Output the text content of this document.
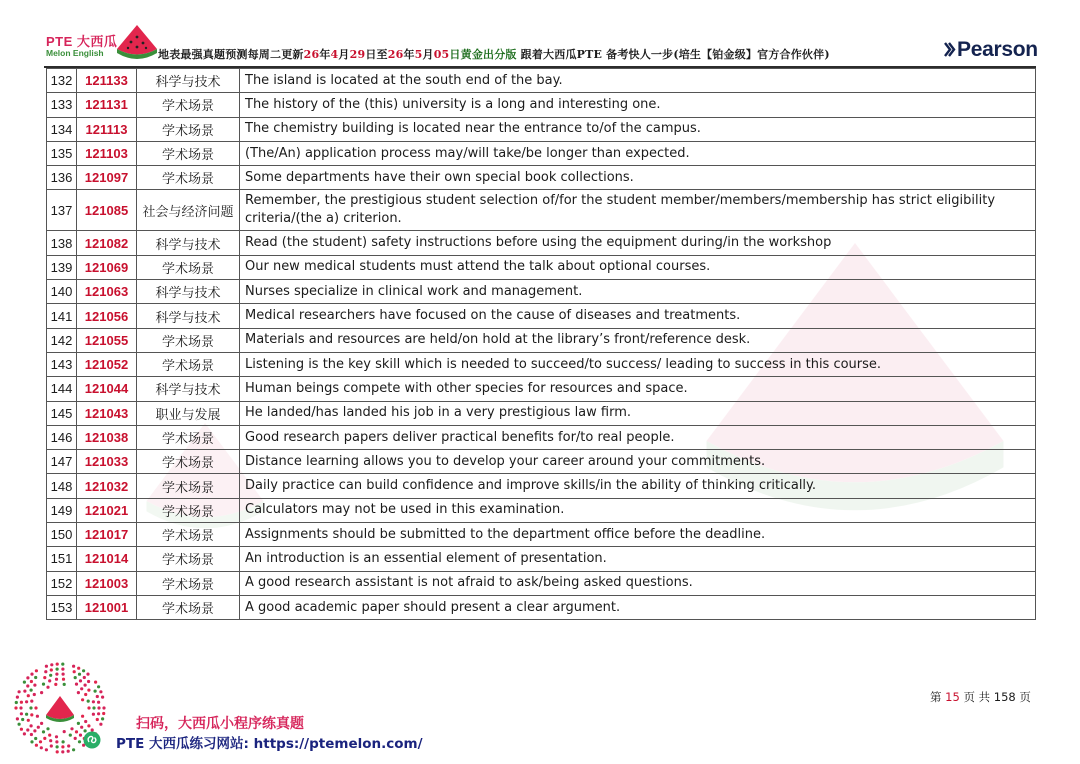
PTE 大西瓜
Melon English	地表最强真题预测每周二更新26年4月29日至26年5月05日黄金出分版 跟着大西瓜PTE 备考快人一步(培生【铂金级】官方合作伙伴)	Pearson
132	121133	科学与技术	The island is located at the south end of the bay.
133	121131	学术场景	The history of the (this) university is a long and interesting one.
134	121113	学术场景	The chemistry building is located near the entrance to/of the campus.
135	121103	学术场景	(The/An) application process may/will take/be longer than expected.
136	121097	学术场景	Some departments have their own special book collections.
137	121085	社会与经济问题	Remember, the prestigious student selection of/for the student member/members/membership has strict eligibility criteria/(the a) criterion.
138	121082	科学与技术	Read (the student) safety instructions before using the equipment during/in the workshop
139	121069	学术场景	Our new medical students must attend the talk about optional courses.
140	121063	科学与技术	Nurses specialize in clinical work and management.
141	121056	科学与技术	Medical researchers have focused on the cause of diseases and treatments.
142	121055	学术场景	Materials and resources are held/on hold at the library’s front/reference desk.
143	121052	学术场景	Listening is the key skill which is needed to succeed/to success/ leading to success in this course.
144	121044	科学与技术	Human beings compete with other species for resources and space.
145	121043	职业与发展	He landed/has landed his job in a very prestigious law firm.
146	121038	学术场景	Good research papers deliver practical benefits for/to real people.
147	121033	学术场景	Distance learning allows you to develop your career around your commitments.
148	121032	学术场景	Daily practice can build confidence and improve skills/in the ability of thinking critically.
149	121021	学术场景	Calculators may not be used in this examination.
150	121017	学术场景	Assignments should be submitted to the department office before the deadline.
151	121014	学术场景	An introduction is an essential element of presentation.
152	121003	学术场景	A good research assistant is not afraid to ask/being asked questions.
153	121001	学术场景	A good academic paper should present a clear argument.
扫码，大西瓜小程序练真题
PTE 大西瓜练习网站: https://ptemelon.com/
第 15 页 共 158 页
